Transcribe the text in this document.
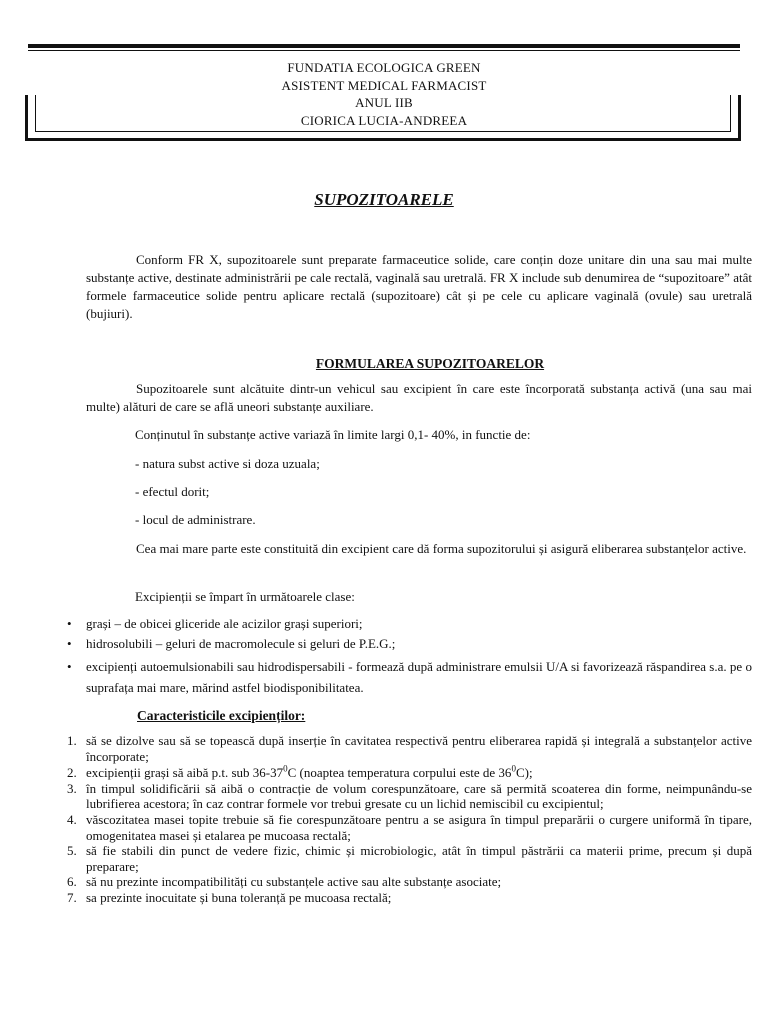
FUNDATIA ECOLOGICA GREEN
ASISTENT MEDICAL FARMACIST
ANUL IIB
CIORICA LUCIA-ANDREEA
SUPOZITOARELE
Conform FR X, supozitoarele sunt preparate farmaceutice solide, care conțin doze unitare din una sau mai multe substanțe active, destinate administrării pe cale rectală, vaginală sau uretrală. FR X include sub denumirea de “supozitoare” atât formele farmaceutice solide pentru aplicare rectală (supozitoare) cât și pe cele cu aplicare vaginală (ovule) sau uretrală (bujiuri).
FORMULAREA SUPOZITOARELOR
Supozitoarele sunt alcătuite dintr-un vehicul sau excipient în care este încorporată substanța activă (una sau mai multe) alături de care se află uneori substanțe auxiliare.
Conținutul în substanțe active variază în limite largi 0,1- 40%, in functie de:
- natura subst active si doza uzuala;
- efectul dorit;
- locul de administrare.
Cea mai mare parte este constituită din excipient care dă forma supozitorului și asigură eliberarea substanțelor active.
Excipienții se împart în următoarele clase:
• grași – de obicei gliceride ale acizilor grași superiori;
• hidrosolubili – geluri de macromolecule si geluri de P.E.G.;
• excipienți autoemulsionabili sau hidrodispersabili - formează după administrare emulsii U/A si favorizează răspandirea s.a. pe o suprafața mai mare, mărind astfel biodisponibilitatea.
Caracteristicile excipienților:
1. să se dizolve sau să se topească după inserție în cavitatea respectivă pentru eliberarea rapidă și integrală a substanțelor active încorporate;
2. excipienții grași să aibă p.t. sub $36-37^0C$ (noaptea temperatura corpului este de $36^0C$);
3. în timpul solidificării să aibă o contracție de volum corespunzătoare, care să permită scoaterea din forme, neimpunându-se lubrifierea acestora; în caz contrar formele vor trebui gresate cu un lichid nemiscibil cu excipientul;
4. văscozitatea masei topite trebuie să fie corespunzătoare pentru a se asigura în timpul preparării o curgere uniformă în tipare, omogenitatea masei și etalarea pe mucoasa rectală;
5. să fie stabili din punct de vedere fizic, chimic și microbiologic, atât în timpul păstrării ca materii prime, precum și după preparare;
6. să nu prezinte incompatibilități cu substanțele active sau alte substanțe asociate;
7. sa prezinte inocuitate și buna toleranță pe mucoasa rectală;
